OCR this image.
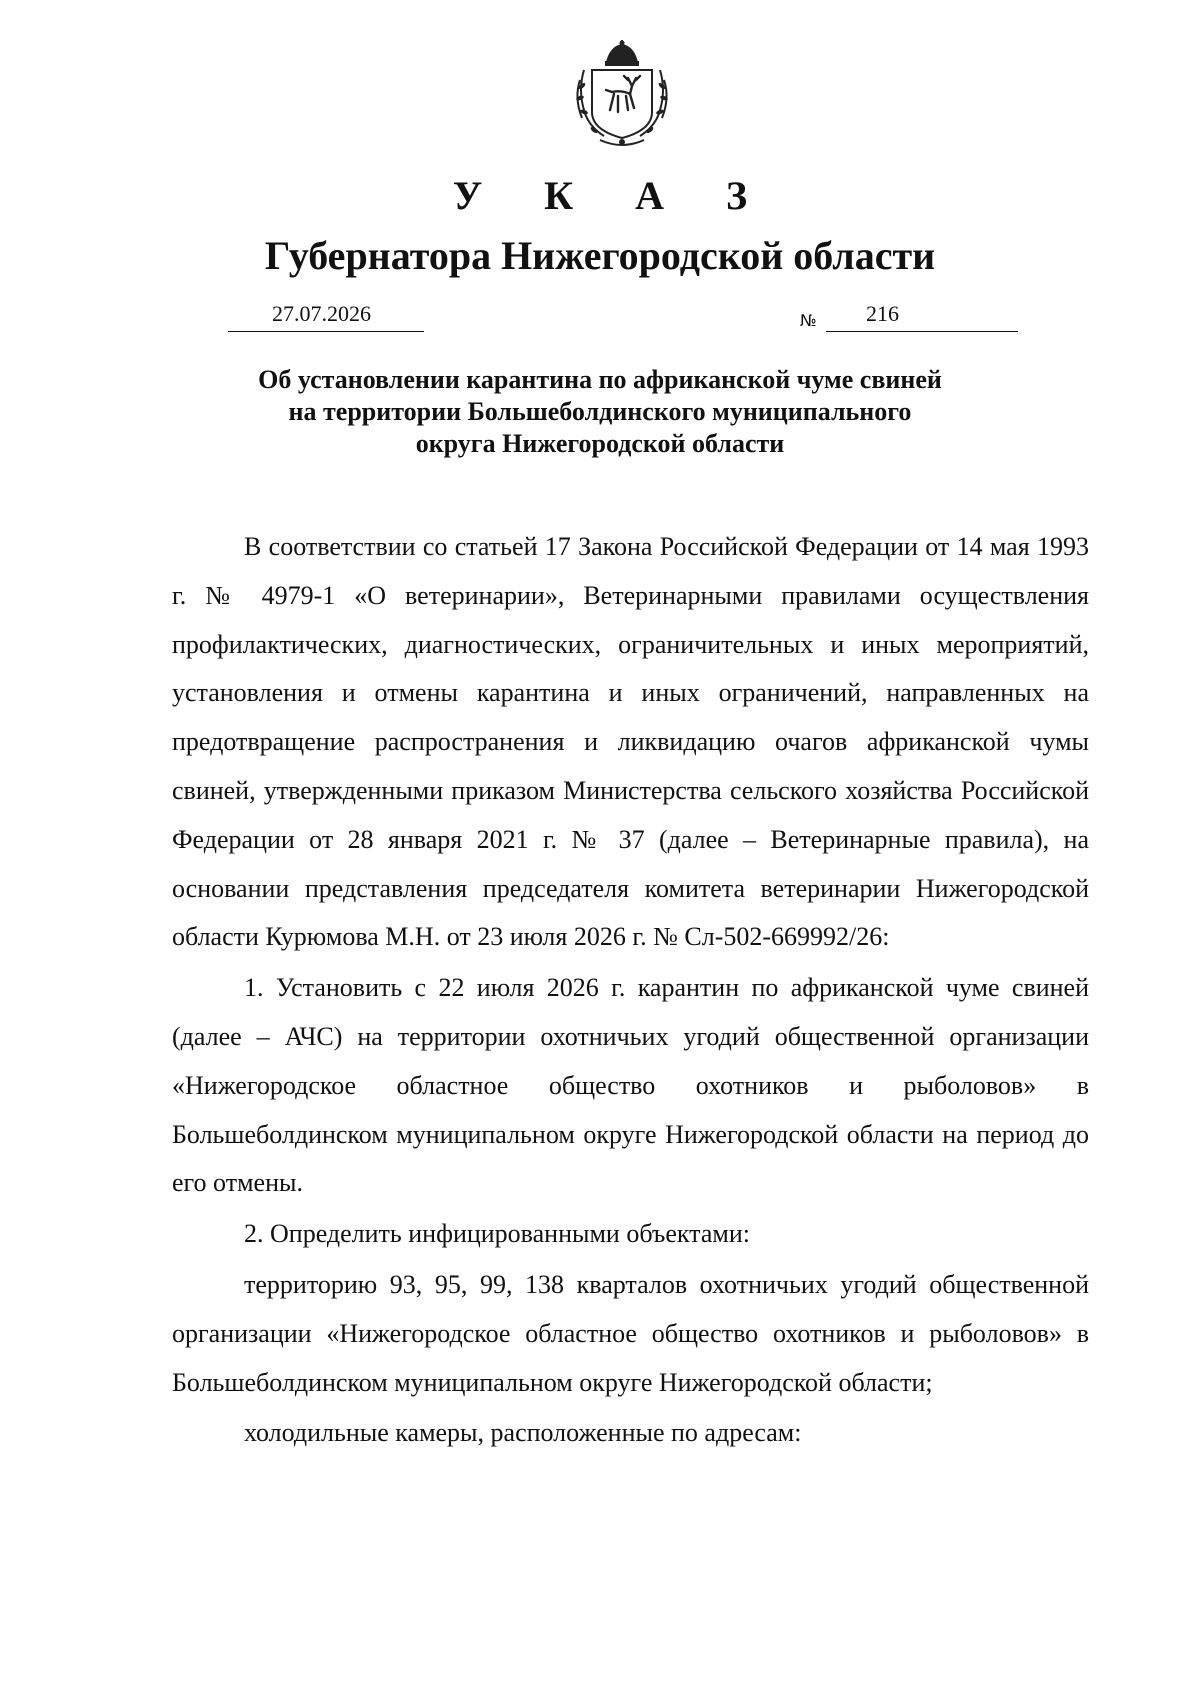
У К А З
Губернатора Нижегородской области
27.07.2026	№ 216
Об установлении карантина по африканской чуме свиней
на территории Большеболдинского муниципального
округа Нижегородской области

В соответствии со статьей 17 Закона Российской Федерации от 14 мая 1993 г. № 4979-1 «О ветеринарии», Ветеринарными правилами осуществления профилактических, диагностических, ограничительных и иных мероприятий, установления и отмены карантина и иных ограничений, направленных на предотвращение распространения и ликвидацию очагов африканской чумы свиней, утвержденными приказом Министерства сельского хозяйства Российской Федерации от 28 января 2021 г. № 37 (далее – Ветеринарные правила), на основании представления председателя комитета ветеринарии Нижегородской области Курюмова М.Н. от 23 июля 2026 г. № Сл-502-669992/26:

1. Установить с 22 июля 2026 г. карантин по африканской чуме свиней (далее – АЧС) на территории охотничьих угодий общественной организации «Нижегородское областное общество охотников и рыболовов» в Большеболдинском муниципальном округе Нижегородской области на период до его отмены.

2. Определить инфицированными объектами:

территорию 93, 95, 99, 138 кварталов охотничьих угодий общественной организации «Нижегородское областное общество охотников и рыболовов» в Большеболдинском муниципальном округе Нижегородской области;

холодильные камеры, расположенные по адресам:
